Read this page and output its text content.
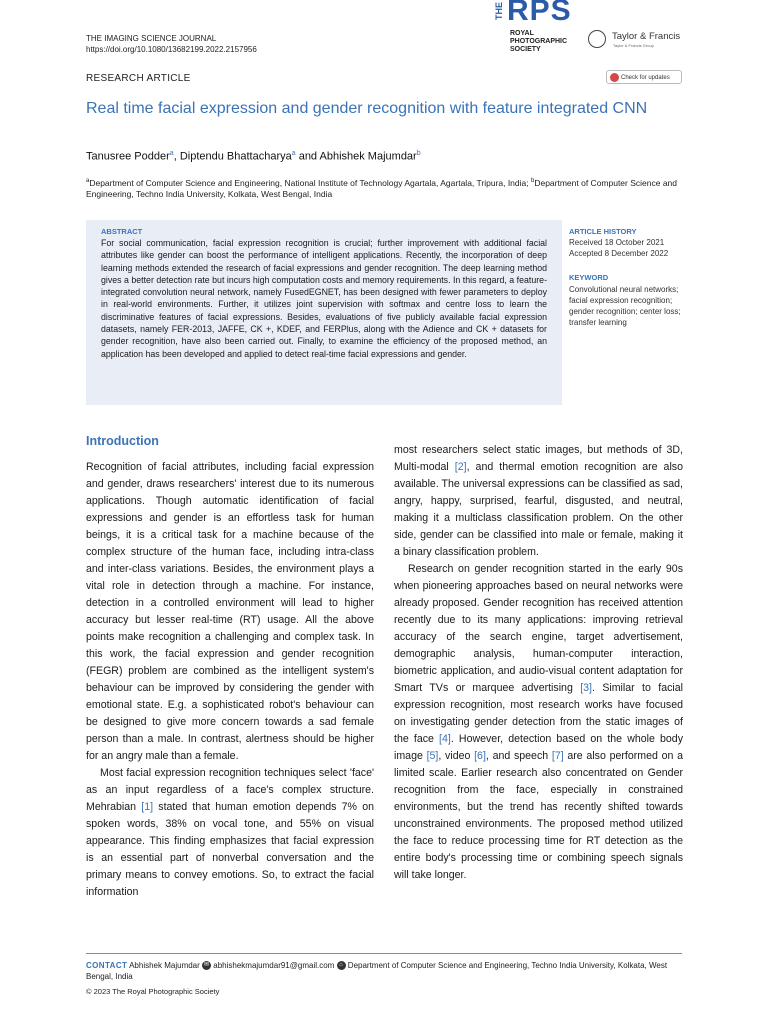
THE IMAGING SCIENCE JOURNAL
https://doi.org/10.1080/13682199.2022.2157956
THE RPS
ROYAL PHOTOGRAPHIC SOCIETY
Taylor & Francis
Taylor & Francis Group
RESEARCH ARTICLE	Check for updates
Real time facial expression and gender recognition with feature integrated CNN
Tanusree Podder$^a$, Diptendu Bhattacharya$^a$ and Abhishek Majumdar$^b$
$^a$Department of Computer Science and Engineering, National Institute of Technology Agartala, Agartala, Tripura, India; $^b$Department of Computer Science and Engineering, Techno India University, Kolkata, West Bengal, India
ABSTRACT
For social communication, facial expression recognition is crucial; further improvement with additional facial attributes like gender can boost the performance of intelligent applications. Recently, the incorporation of deep learning methods extended the research of facial expressions and gender recognition. The deep learning method gives a better detection rate but incurs high computation costs and memory requirements. In this regard, a feature-integrated convolution neural network, namely FusedEGNET, has been designed with fewer parameters to deploy in real-world environments. Further, it utilizes joint supervision with softmax and centre loss to learn the discriminative features of facial expressions. Besides, evaluations of five publicly available facial expression datasets, namely FER-2013, JAFFE, CK +, KDEF, and FERPlus, along with the Adience and CK + datasets for gender recognition, have also been carried out. Finally, to examine the efficiency of the proposed method, an application has been developed and applied to detect real-time facial expressions and gender.
ARTICLE HISTORY
Received 18 October 2021
Accepted 8 December 2022
KEYWORD
Convolutional neural networks; facial expression recognition; gender recognition; center loss; transfer learning
Introduction

Recognition of facial attributes, including facial expression and gender, draws researchers' interest due to its numerous applications. Though automatic identification of facial expressions and gender is an effortless task for human beings, it is a critical task for a machine because of the complex structure of the human face, including intra-class and inter-class variations. Besides, the environment plays a vital role in detection through a machine. For instance, detection in a controlled environment will lead to higher accuracy but lesser real-time (RT) usage. All the above points make recognition a challenging and complex task. In this work, the facial expression and gender recognition (FEGR) problem are combined as the intelligent system's behaviour can be improved by considering the gender with emotional state. E.g. a sophisticated robot's behaviour can be designed to give more concern towards a sad female person than a male. In contrast, alertness should be higher for an angry male than a female.

Most facial expression recognition techniques select 'face' as an input regardless of a face's complex structure. Mehrabian [1] stated that human emotion depends 7% on spoken words, 38% on vocal tone, and 55% on visual appearance. This finding emphasizes that facial expression is an essential part of nonverbal conversation and the primary means to convey emotions. So, to extract the facial information

most researchers select static images, but methods of 3D, Multi-modal [2], and thermal emotion recognition are also available. The universal expressions can be classified as sad, angry, happy, surprised, fearful, disgusted, and neutral, making it a multiclass classification problem. On the other side, gender can be classified into male or female, making it a binary classification problem.

Research on gender recognition started in the early 90s when pioneering approaches based on neural networks were already proposed. Gender recognition has received attention recently due to its many applications: improving retrieval accuracy of the search engine, target advertisement, demographic analysis, human-computer interaction, biometric application, and audio-visual content adaptation for Smart TVs or marquee advertising [3]. Similar to facial expression recognition, most research works have focused on investigating gender detection from the static images of the face [4]. However, detection based on the whole body image [5], video [6], and speech [7] are also performed on a limited scale. Earlier research also concentrated on Gender recognition from the face, especially in constrained environments, but the trend has recently shifted towards unconstrained environments. The proposed method utilized the face to reduce processing time for RT detection as the entire body's processing time or combining speech signals will take longer.

CONTACT Abhishek Majumdar ✉ abhishekmajumdar91@gmail.com ⌂ Department of Computer Science and Engineering, Techno India University, Kolkata, West Bengal, India
© 2023 The Royal Photographic Society
